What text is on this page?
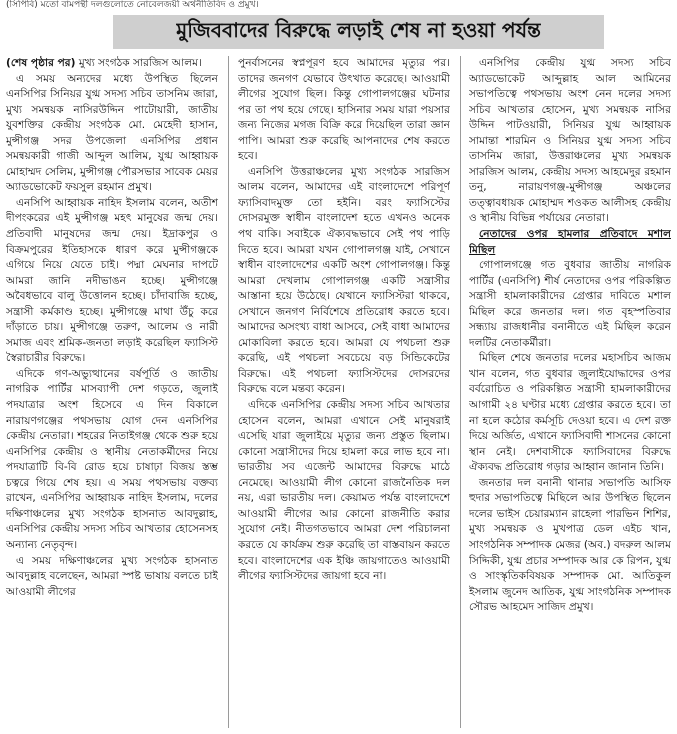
(সিপিবি) মতো বামপন্থী দলগুলোতে নোবেলজয়ী অর্থনীতিবিদ ও প্রমুখ।
মুজিববাদের বিরুদ্ধে লড়াই শেষ না হওয়া পর্যন্ত

(শেষ পৃষ্ঠার পর) মুখ্য সংগঠক সারজিস আলম।

এ সময় অন্যদের মধ্যে উপস্থিত ছিলেন এনসিপির সিনিয়র যুগ্ম সদস্য সচিব তাসনিম জারা, মুখ্য সমন্বয়ক নাসিরউদ্দিন পাটোয়ারী, জাতীয় যুবশক্তির কেন্দ্রীয় সংগঠক মো. মেহেদী হাসান, মুন্সীগঞ্জ সদর উপজেলা এনসিপির প্রধান সমন্বয়কারী গাজী আব্দুল আলিম, যুগ্ম আহ্বায়ক মোহাম্মদ সেলিম, মুন্সীগঞ্জ পৌরসভার সাবেক মেয়র অ্যাডভোকেট ফয়সুল রহমান প্রমুখ।

এনসিপি আহ্বায়ক নাহিদ ইসলাম বলেন, অতীশ দীপংকরের এই মুন্সীগঞ্জ মহৎ মানুষের জন্ম দেয়। প্রতিবাদী মানুষদের জন্ম দেয়। ইদ্রাকপুর ও বিক্রমপুরের ইতিহাসকে ধারণ করে মুন্সীগঞ্জকে এগিয়ে নিয়ে যেতে চাই। পদ্মা মেঘনার দাপটে আমরা জানি নদীভাঙন হচ্ছে। মুন্সীগঞ্জে অবৈধভাবে বালু উত্তোলন হচ্ছে। চাঁদাবাজি হচ্ছে, সন্ত্রাসী কর্মকাণ্ড হচ্ছে। মুন্সীগঞ্জে মাথা উঁচু করে দাঁড়াতে চায়। মুন্সীগঞ্জে তরুণ, আলেম ও নারী সমাজ এবং শ্রমিক-জনতা লড়াই করেছিল ফ্যাসিস্ট স্বৈরাচারীর বিরুদ্ধে।

এদিকে গণ-অভ্যুত্থানের বর্ষপূর্তি ও জাতীয় নাগরিক পার্টির মাসব্যাপী দেশ গড়তে, জুলাই পদযাত্রার অংশ হিসেবে এ দিন বিকালে নারায়ণগঞ্জের পথসভায় যোগ দেন এনসিপির কেন্দ্রীয় নেতারা। শহরের নিতাইগঞ্জ থেকে শুরু হয়ে এনসিপির কেন্দ্রীয় ও স্থানীয় নেতাকর্মীদের নিয়ে পদযাত্রাটি বি-বি রোড হয়ে চাষাঢ়া বিজয় স্তম্ভ চত্বরে গিয়ে শেষ হয়। এ সময় পথসভায় বক্তব্য রাখেন, এনসিপির আহ্বায়ক নাহিদ ইসলাম, দলের দক্ষিণাঞ্চলের মুখ্য সংগঠক হাসনাত আবদুল্লাহ, এনসিপির কেন্দ্রীয় সদস্য সচিব আখতার হোসেনসহ অন্যান্য নেতৃবৃন্দ।

এ সময় দক্ষিণাঞ্চলের মুখ্য সংগঠক হাসনাত আবদুল্লাহ বলেছেন, আমরা স্পষ্ট ভাষায় বলতে চাই আওয়ামী লীগের

পুনর্বাসনের স্বপ্নপূরণ হবে আমাদের মৃত্যুর পর। তাদের জনগণ যেভাবে উৎখাত করেছে। আওয়ামী লীগের সুযোগ ছিল। কিন্তু গোপালগঞ্জের ঘটনার পর তা পথ হয়ে গেছে। হাসিনার সময় যারা পয়সার জন্য নিজের মগজ বিক্রি করে দিয়েছিল তারা জ্ঞান পাপি। আমরা শুরু করেছি আপনাদের শেষ করতে হবে।

এনসিপি উত্তরাঞ্চলের মুখ্য সংগঠক সারজিস আলম বলেন, আমাদের এই বাংলাদেশে পরিপূর্ণ ফ্যাসিবাদমুক্ত তো হইনি। বরং ফ্যাসিস্টের দোসরমুক্ত স্বাধীন বাংলাদেশ হতে এখনও অনেক পথ বাকি। সবাইকে ঐক্যবদ্ধভাবে সেই পথ পাড়ি দিতে হবে। আমরা যখন গোপালগঞ্জ যাই, সেখানে স্বাধীন বাংলাদেশের একটি অংশ গোপালগঞ্জ। কিন্তু আমরা দেখলাম গোপালগঞ্জ একটি সন্ত্রাসীর আস্তানা হয়ে উঠেছে। যেখানে ফ্যাসিস্টরা থাকবে, সেখানে জনগণ নির্বিশেষে প্রতিরোধ করতে হবে। আমাদের অসংখ্য বাধা আসবে, সেই বাধা আমাদের মোকাবিলা করতে হবে। আমরা যে পথচলা শুরু করেছি, এই পথচলা সবচেয়ে বড় সিন্ডিকেটের বিরুদ্ধে। এই পথচলা ফ্যাসিস্টদের দোসরদের বিরুদ্ধে বলে মন্তব্য করেন।

এদিকে এনসিপির কেন্দ্রীয় সদস্য সচিব আখতার হোসেন বলেন, আমরা এখানে সেই মানুষরাই এসেছি যারা জুলাইয়ে মৃত্যুর জন্য প্রস্তুত ছিলাম। কোনো সন্ত্রাসীদের দিয়ে হামলা করে লাভ হবে না। ভারতীয় সব এজেন্ট আমাদের বিরুদ্ধে মাঠে নেমেছে। আওয়ামী লীগ কোনো রাজনৈতিক দল নয়, এরা ভারতীয় দল। কেয়ামত পর্যন্ত বাংলাদেশে আওয়ামী লীগের আর কোনো রাজনীতি করার সুযোগ নেই। নীতগতভাবে আমরা দেশ পরিচালনা করতে যে কার্যক্রম শুরু করেছি তা বাস্তবায়ন করতে হবে। বাংলাদেশের এক ইঞ্চি জায়গাতেও আওয়ামী লীগের ফ্যাসিস্টদের জায়গা হবে না।

এনসিপির কেন্দ্রীয় যুগ্ম সদস্য সচিব অ্যাডভোকেট আব্দুল্লাহ আল আমিনের সভাপতিত্বে পথসভায় অংশ নেন দলের সদস্য সচিব আখতার হোসেন, মুখ্য সমন্বয়ক নাসির উদ্দিন পাটওয়ারী, সিনিয়র যুগ্ম আহ্বায়ক সামান্তা শারমিন ও সিনিয়র যুগ্ম সদস্য সচিব তাসনিম জারা, উত্তরাঞ্চলের মুখ্য সমন্বয়ক সারজিস আলম, কেন্দ্রীয় সদস্য আহমেদুর রহমান তনু, নারায়ণগঞ্জ-মুন্সীগঞ্জ অঞ্চলের তত্ত্বাবধায়ক মোহাম্মদ শওকত আলীসহ কেন্দ্রীয় ও স্থানীয় বিভিন্ন পর্যায়ের নেতারা।

নেতাদের ওপর হামলার প্রতিবাদে মশাল মিছিল

গোপালগঞ্জে গত বুধবার জাতীয় নাগরিক পার্টির (এনসিপি) শীর্ষ নেতাদের ওপর পরিকল্পিত সন্ত্রাসী হামলাকারীদের গ্রেপ্তার দাবিতে মশাল মিছিল করে জনতার দল। গত বৃহস্পতিবার সন্ধ্যায় রাজধানীর বনানীতে এই মিছিল করেন দলটির নেতাকর্মীরা।

মিছিল শেষে জনতার দলের মহাসচিব আজম খান বলেন, গত বুধবার জুলাইযোদ্ধাদের ওপর বর্বরোচিত ও পরিকল্পিত সন্ত্রাসী হামলাকারীদের আগামী ২৪ ঘণ্টার মধ্যে গ্রেপ্তার করতে হবে। তা না হলে কঠোর কর্মসূচি দেওয়া হবে। এ দেশ রক্ত দিয়ে অর্জিত, এখানে ফ্যাসিবাদী শাসনের কোনো স্থান নেই। দেশবাসীকে ফ্যাসিবাদের বিরুদ্ধে ঐক্যবদ্ধ প্রতিরোধ গড়ার আহ্বান জানান তিনি।

জনতার দল বনানী থানার সভাপতি আসিফ হুদার সভাপতিত্বে মিছিলে আর উপস্থিত ছিলেন দলের ভাইস চেয়ারম্যান রাহেলা পারভিন শিশির, মুখ্য সমন্বয়ক ও মুখপাত্র ডেল এইচ খান, সাংগঠনিক সম্পাদক মেজর (অব.) বদরুল আলম সিদ্দিকী, যুগ্ম প্রচার সম্পাদক আর কে রিপন, যুগ্ম ও সাংস্কৃতিকবিষয়ক সম্পাদক মো. আতিকুল ইসলাম জুনেদ আতিক, যুগ্ম সাংগঠনিক সম্পাদক সৌরভ আহমেদ সাজিদ প্রমুখ।
